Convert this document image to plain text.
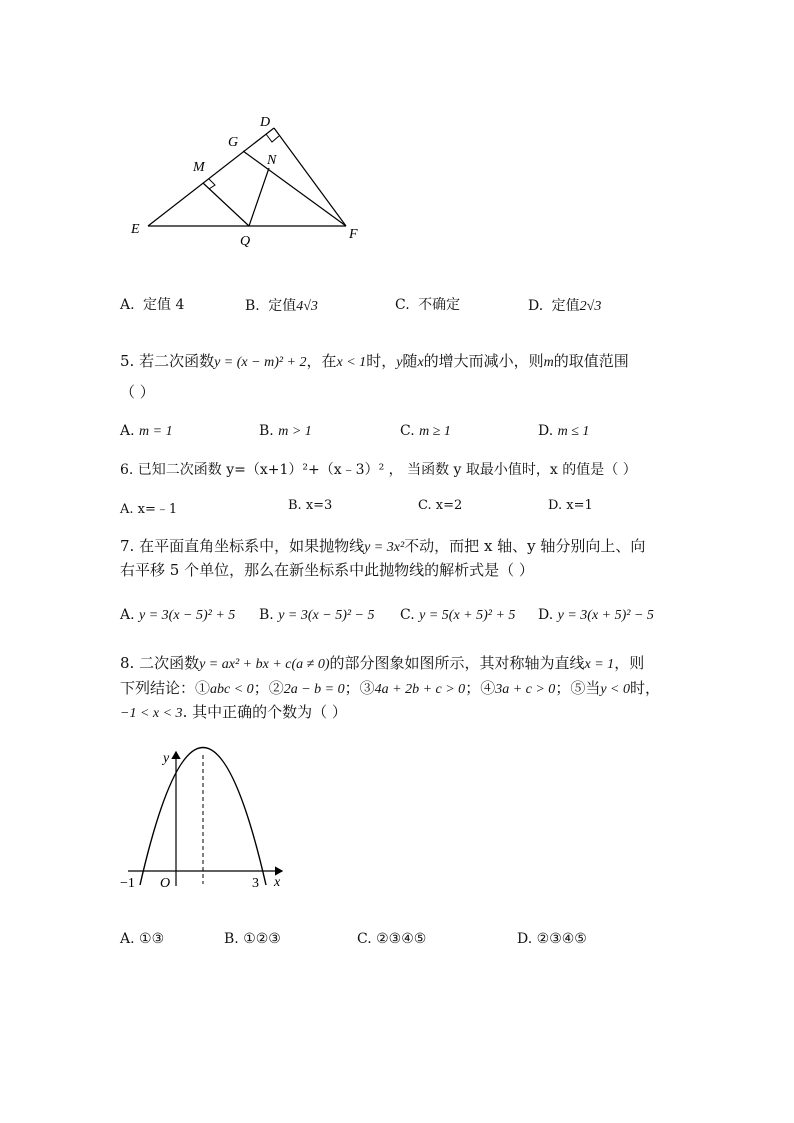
D
G
M	N
E
Q	F
A. 定值 4	B. 定值4√3	C. 不确定	D. 定值2√3
5. 若二次函数y = (x − m)² + 2，在x < 1时，y随x的增大而减小，则m的取值范围
（ ）
A. m = 1	B. m > 1	C. m ≥ 1	D. m ≤ 1
6. 已知二次函数 y=（x+1）²+（x﹣3）² ， 当函数 y 取最小值时，x 的值是（ ）
A. x=﹣1	B. x=3	C. x=2	D. x=1
7. 在平面直角坐标系中，如果抛物线y = 3x²不动，而把 x 轴、y 轴分别向上、向
右平移 5 个单位，那么在新坐标系中此抛物线的解析式是（ ）
A. y = 3(x − 5)² + 5 B. y = 3(x − 5)² − 5 C. y = 5(x + 5)² + 5 D. y = 3(x + 5)² − 5
8. 二次函数y = ax² + bx + c(a ≠ 0)的部分图象如图所示，其对称轴为直线x = 1，则
下列结论：①abc < 0；②2a − b = 0；③4a + 2b + c > 0；④3a + c > 0；⑤当y < 0时，
−1 < x < 3. 其中正确的个数为（ ）
y
x
−1 O	3
A. ①③	B. ①②③	C. ②③④⑤	D. ②③④⑤
